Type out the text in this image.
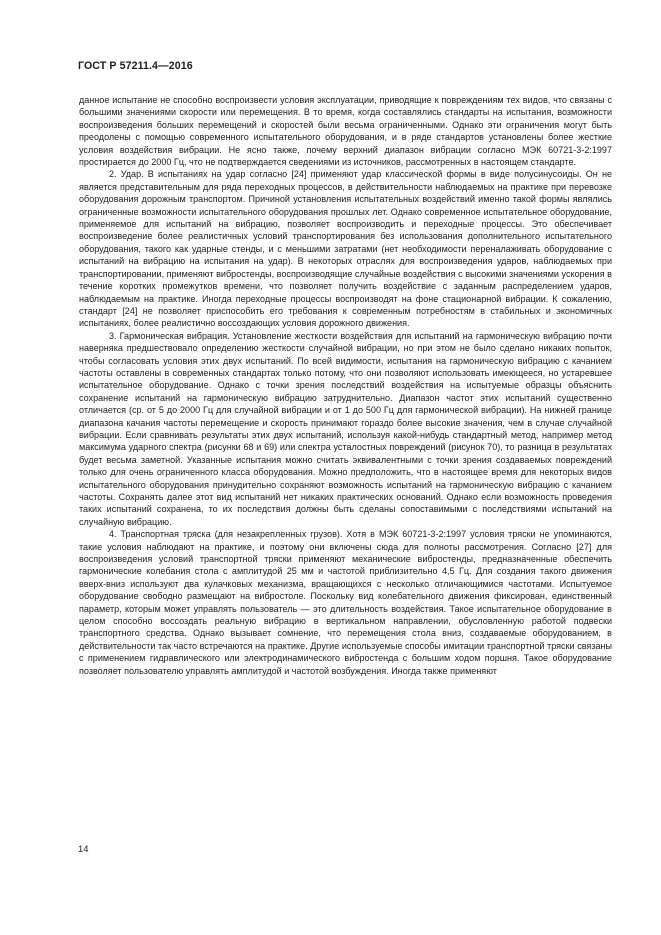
ГОСТ Р 57211.4—2016

данное испытание не способно воспроизвести условия эксплуатации, приводящие к повреждениям тех видов, что связаны с большими значениями скорости или перемещения. В то время, когда составлялись стандарты на испытания, возможности воспроизведения больших перемещений и скоростей были весьма ограниченными. Однако эти ограничения могут быть преодолены с помощью современного испытательного оборудования, и в ряде стандартов установлены более жесткие условия воздействия вибрации. Не ясно также, почему верхний диапазон вибрации согласно МЭК 60721-3-2:1997 простирается до 2000 Гц, что не подтверждается сведениями из источников, рассмотренных в настоящем стандарте.

2. Удар. В испытаниях на удар согласно [24] применяют удар классической формы в виде полусинусоиды. Он не является представительным для ряда переходных процессов, в действительности наблюдаемых на практике при перевозке оборудования дорожным транспортом. Причиной установления испытательных воздействий именно такой формы являлись ограниченные возможности испытательного оборудования прошлых лет. Однако современное испытательное оборудование, применяемое для испытаний на вибрацию, позволяет воспроизводить и переходные процессы. Это обеспечивает воспроизведение более реалистичных условий транспортирования без использования дополнительного испытательного оборудования, такого как ударные стенды, и с меньшими затратами (нет необходимости переналаживать оборудование с испытаний на вибрацию на испытания на удар). В некоторых отраслях для воспроизведения ударов, наблюдаемых при транспортировании, применяют вибростенды, воспроизводящие случайные воздействия с высокими значениями ускорения в течение коротких промежутков времени, что позволяет получить воздействие с заданным распределением ударов, наблюдаемым на практике. Иногда переходные процессы воспроизводят на фоне стационарной вибрации. К сожалению, стандарт [24] не позволяет приспособить его требования к современным потребностям в стабильных и экономичных испытаниях, более реалистично воссоздающих условия дорожного движения.

3. Гармоническая вибрация. Установление жесткости воздействия для испытаний на гармоническую вибрацию почти наверняка предшествовало определению жесткости случайной вибрации, но при этом не было сделано никаких попыток, чтобы согласовать условия этих двух испытаний. По всей видимости, испытания на гармоническую вибрацию с качанием частоты оставлены в современных стандартах только потому, что они позволяют использовать имеющееся, но устаревшее испытательное оборудование. Однако с точки зрения последствий воздействия на испытуемые образцы объяснить сохранение испытаний на гармоническую вибрацию затруднительно. Диапазон частот этих испытаний существенно отличается (ср. от 5 до 2000 Гц для случайной вибрации и от 1 до 500 Гц для гармонической вибрации). На нижней границе диапазона качания частоты перемещение и скорость принимают гораздо более высокие значения, чем в случае случайной вибрации. Если сравнивать результаты этих двух испытаний, используя какой-нибудь стандартный метод, например метод максимума ударного спектра (рисунки 68 и 69) или спектра усталостных повреждений (рисунок 70), то разница в результатах будет весьма заметной. Указанные испытания можно считать эквивалентными с точки зрения создаваемых повреждений только для очень ограниченного класса оборудования. Можно предположить, что в настоящее время для некоторых видов испытательного оборудования принудительно сохраняют возможность испытаний на гармоническую вибрацию с качанием частоты. Сохранять далее этот вид испытаний нет никаких практических оснований. Однако если возможность проведения таких испытаний сохранена, то их последствия должны быть сделаны сопоставимыми с последствиями испытаний на случайную вибрацию.

4. Транспортная тряска (для незакрепленных грузов). Хотя в МЭК 60721-3-2:1997 условия тряски не упоминаются, такие условия наблюдают на практике, и поэтому они включены сюда для полноты рассмотрения. Согласно [27] для воспроизведения условий транспортной тряски применяют механические вибростенды, предназначенные обеспечить гармонические колебания стола с амплитудой 25 мм и частотой приблизительно 4,5 Гц. Для создания такого движения вверх-вниз используют два кулачковых механизма, вращающихся с несколько отличающимися частотами. Испытуемое оборудование свободно размещают на вибростоле. Поскольку вид колебательного движения фиксирован, единственный параметр, которым может управлять пользователь — это длительность воздействия. Такое испытательное оборудование в целом способно воссоздать реальную вибрацию в вертикальном направлении, обусловленную работой подвески транспортного средства. Однако вызывает сомнение, что перемещения стола вниз, создаваемые оборудованием, в действительности так часто встречаются на практике. Другие используемые способы имитации транспортной тряски связаны с применением гидравлического или электродинамического вибростенда с большим ходом поршня. Такое оборудование позволяет пользователю управлять амплитудой и частотой возбуждения. Иногда также применяют

14
